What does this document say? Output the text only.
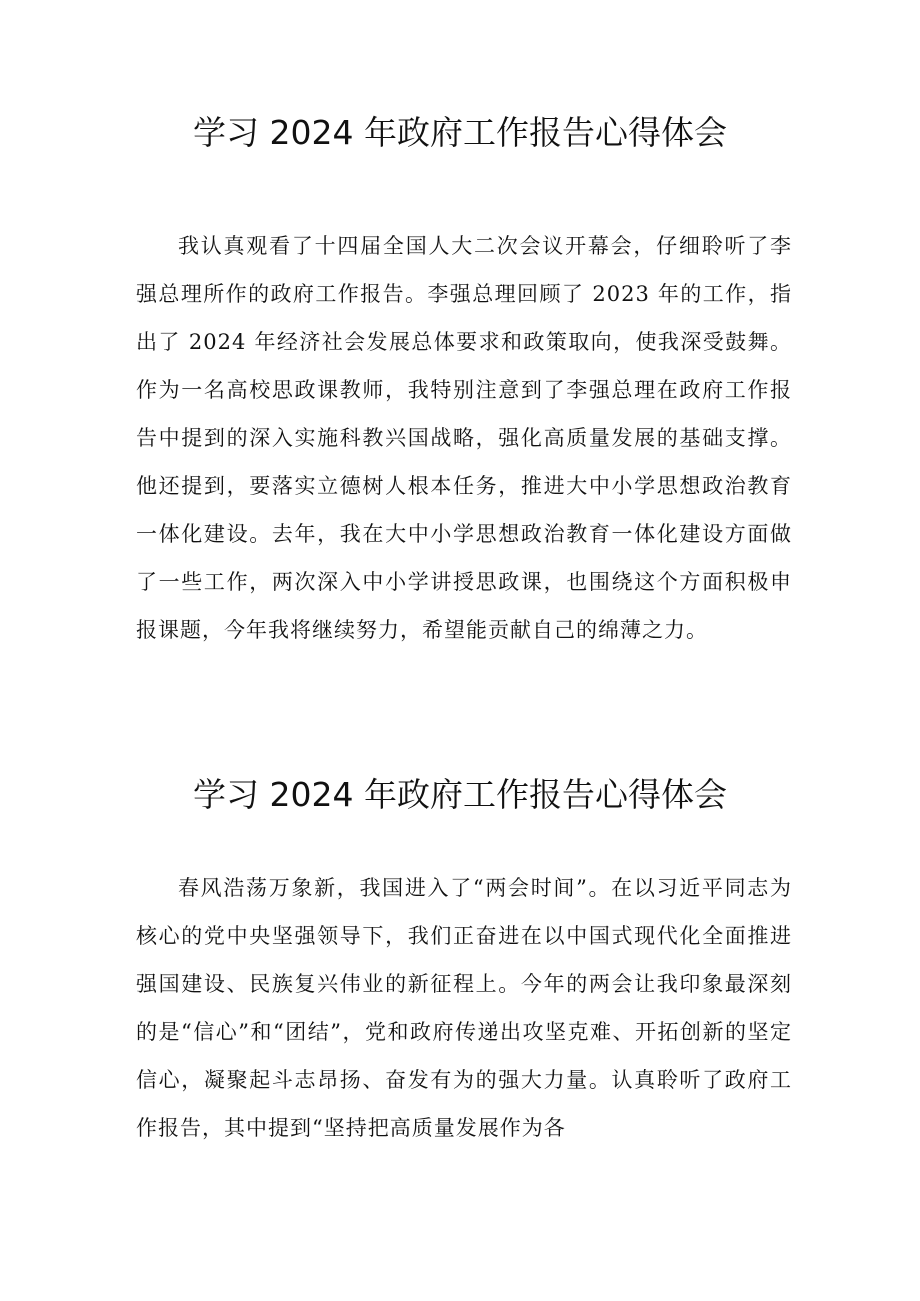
学习 2024 年政府工作报告心得体会

我认真观看了十四届全国人大二次会议开幕会，仔细聆听了李强总理所作的政府工作报告。李强总理回顾了 2023 年的工作，指出了 2024 年经济社会发展总体要求和政策取向，使我深受鼓舞。作为一名高校思政课教师，我特别注意到了李强总理在政府工作报告中提到的深入实施科教兴国战略，强化高质量发展的基础支撑。他还提到，要落实立德树人根本任务，推进大中小学思想政治教育一体化建设。去年，我在大中小学思想政治教育一体化建设方面做了一些工作，两次深入中小学讲授思政课，也围绕这个方面积极申报课题，今年我将继续努力，希望能贡献自己的绵薄之力。

学习 2024 年政府工作报告心得体会

春风浩荡万象新，我国进入了“两会时间”。在以习近平同志为核心的党中央坚强领导下，我们正奋进在以中国式现代化全面推进强国建设、民族复兴伟业的新征程上。今年的两会让我印象最深刻的是“信心”和“团结”，党和政府传递出攻坚克难、开拓创新的坚定信心，凝聚起斗志昂扬、奋发有为的强大力量。认真聆听了政府工作报告，其中提到“坚持把高质量发展作为各
